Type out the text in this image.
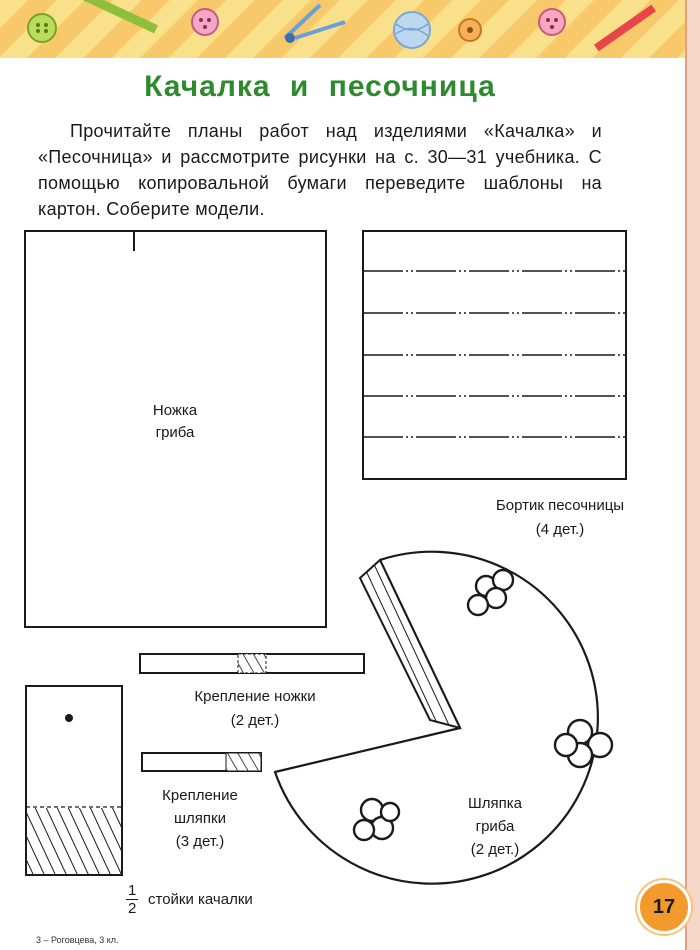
Качалка и песочница
Прочитайте планы работ над изделиями «Качалка» и «Песочница» и рассмотрите рисунки на с. 30—31 учебника. С помощью копировальной бумаги переведите шаблоны на картон. Соберите модели.
Ножка
гриба
Бортик песочницы
(4 дет.)
Крепление ножки
(2 дет.)
Крепление
шляпки
(3 дет.)
Шляпка
гриба
(2 дет.)
$\frac{1}{2}$ стойки качалки
3 – Роговцева, 3 кл.
17
